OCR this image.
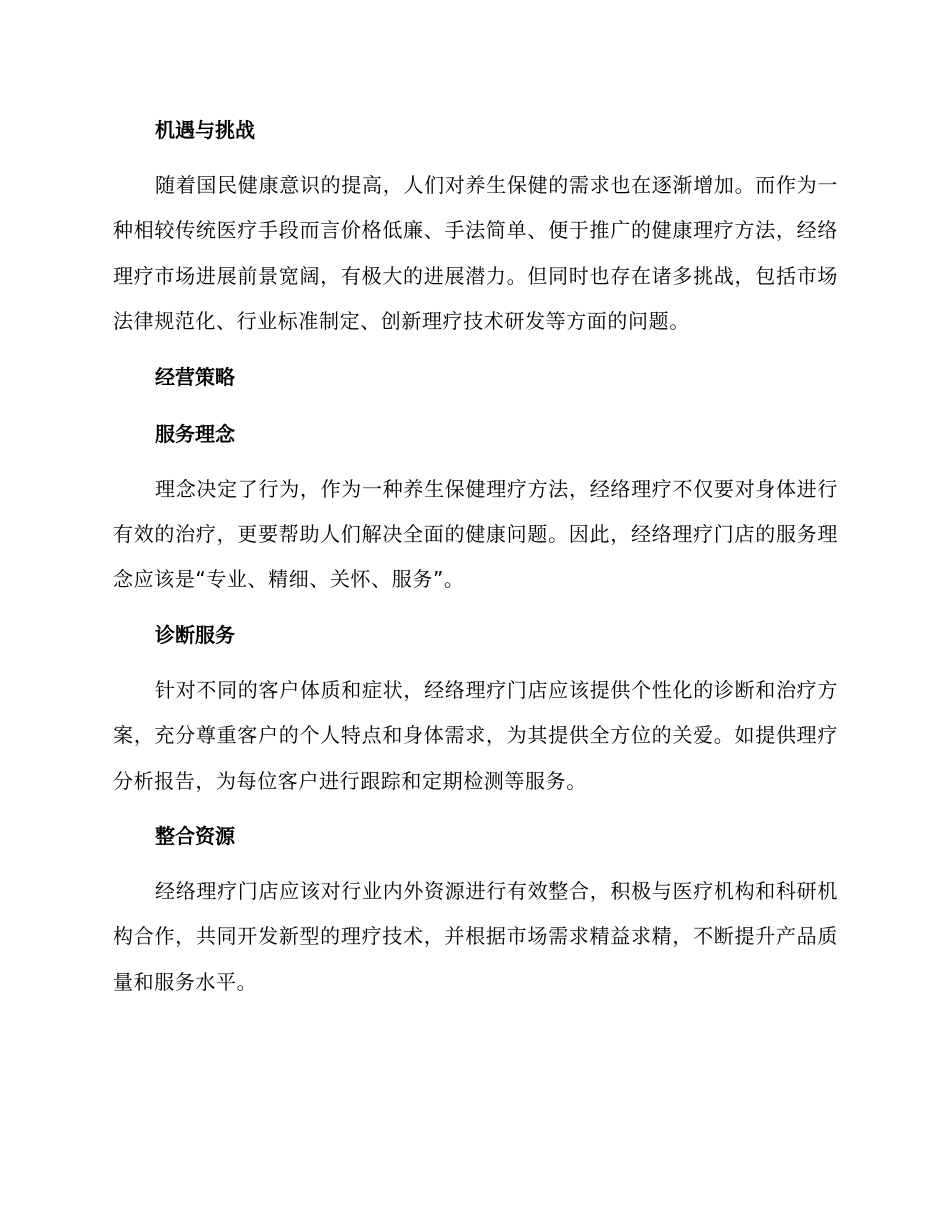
机遇与挑战

随着国民健康意识的提高，人们对养生保健的需求也在逐渐增加。而作为一种相较传统医疗手段而言价格低廉、手法简单、便于推广的健康理疗方法，经络理疗市场进展前景宽阔，有极大的进展潜力。但同时也存在诸多挑战，包括市场法律规范化、行业标准制定、创新理疗技术研发等方面的问题。

经营策略
服务理念

理念决定了行为，作为一种养生保健理疗方法，经络理疗不仅要对身体进行有效的治疗，更要帮助人们解决全面的健康问题。因此，经络理疗门店的服务理念应该是“专业、精细、关怀、服务”。

诊断服务

针对不同的客户体质和症状，经络理疗门店应该提供个性化的诊断和治疗方案，充分尊重客户的个人特点和身体需求，为其提供全方位的关爱。如提供理疗分析报告，为每位客户进行跟踪和定期检测等服务。

整合资源

经络理疗门店应该对行业内外资源进行有效整合，积极与医疗机构和科研机构合作，共同开发新型的理疗技术，并根据市场需求精益求精，不断提升产品质量和服务水平。
